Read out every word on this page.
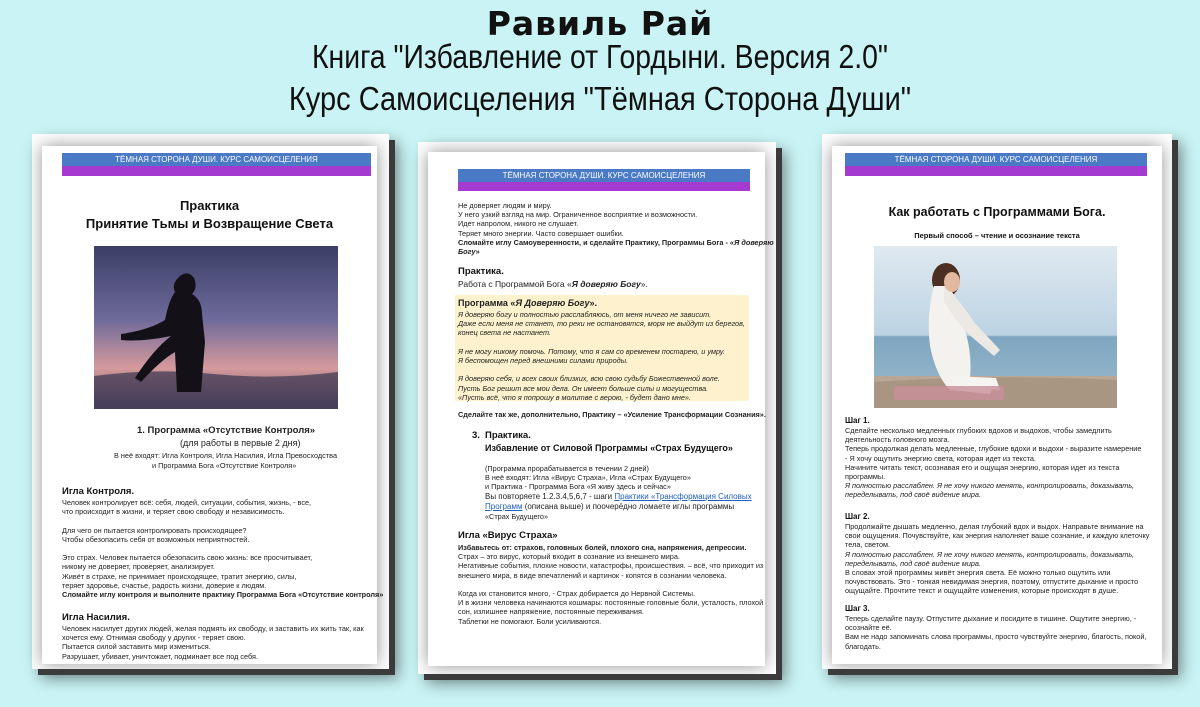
Равиль Рай
Книга "Избавление от Гордыни. Версия 2.0"
Курс Самоисцеления "Тёмная Сторона Души"
ТЁМНАЯ СТОРОНА ДУШИ. КУРС САМОИСЦЕЛЕНИЯ
Практика
Принятие Тьмы и Возвращение Света
1. Программа «Отсутствие Контроля»
(для работы в первые 2 дня)
В неё входят: Игла Контроля, Игла Насилия, Игла Превосходства
и Программа Бога «Отсутствие Контроля»
Игла Контроля.
Человек контролирует всё: себя, людей, ситуации, события, жизнь, - все,
что происходит в жизни, и теряет свою свободу и независимость.
Для чего он пытается контролировать происходящее?
Чтобы обезопасить себя от возможных неприятностей.
Это страх. Человек пытается обезопасить свою жизнь: все просчитывает,
никому не доверяет, проверяет, анализирует.
Живёт в страхе, не принимает происходящее, тратит энергию, силы,
теряет здоровье, счастье, радость жизни, доверие к людям.
Сломайте иглу контроля и выполните практику Программа Бога «Отсутствие контроля»
Игла Насилия.
Человек насилует других людей, желая подмять их свободу, и заставить их жить так, как
хочется ему. Отнимая свободу у других - теряет свою.
Пытается силой заставить мир измениться.
Разрушает, убивает, уничтожает, подминает все под себя.
ТЁМНАЯ СТОРОНА ДУШИ. КУРС САМОИСЦЕЛЕНИЯ
Не доверяет людям и миру.
У него узкий взгляд на мир. Ограниченное восприятие и возможности.
Идет напролом, никого не слушает.
Теряет много энергии. Часто совершает ошибки.
Сломайте иглу Самоуверенности, и сделайте Практику, Программы Бога - «Я доверяю
Богу»
Практика.
Работа с Программой Бога «Я доверяю Богу».
Программа «Я Доверяю Богу».
Я доверяю богу и полностью расслабляюсь, от меня ничего не зависит.
Даже если меня не станет, то реки не остановятся, моря не выйдут из берегов,
конец света не настанет.
Я не могу никому помочь. Потому, что я сам со временем постарею, и умру.
Я беспомощен перед внешними силами природы.
Я доверяю себя, и всех своих близких, всю свою судьбу Божественной воле.
Пусть Бог решит все мои дела. Он имеет больше силы и могущества.
«Пусть всё, что я попрошу в молитве с верою, - будет дано мне».
Сделайте так же, дополнительно, Практику – «Усиление Трансформации Сознания».
3. Практика.
Избавление от Силовой Программы «Страх Будущего»
(Программа прорабатывается в течении 2 дней)
В неё входят: Игла «Вирус Страха», Игла «Страх Будущего»
и Практика - Программа Бога «Я живу здесь и сейчас»
Вы повторяете 1.2.3.4,5,6,7 - шаги Практики «Трансформация Силовых
Программ (описана выше) и поочерёдно ломаете иглы программы
«Страх Будущего»
Игла «Вирус Страха»
Избавьтесь от: страхов, головных болей, плохого сна, напряжения, депрессии.
Страх – это вирус, который входит в сознание из внешнего мира.
Негативные события, плохие новости, катастрофы, происшествия. – всё, что приходит из
внешнего мира, в виде впечатлений и картинок - копятся в сознании человека.
Когда их становится много, - Страх добирается до Нервной Системы.
И в жизни человека начинаются кошмары: постоянные головные боли, усталость, плохой
сон, излишнее напряжение, постоянные переживания.
Таблетки не помогают. Боли усиливаются.
ТЁМНАЯ СТОРОНА ДУШИ. КУРС САМОИСЦЕЛЕНИЯ
Как работать с Программами Бога.
Первый способ – чтение и осознание текста
Шаг 1.
Сделайте несколько медленных глубоких вдохов и выдохов, чтобы замедлить
деятельность головного мозга.
Теперь продолжая делать медленные, глубокие вдохи и выдохи - выразите намерение
- Я хочу ощутить энергию света, которая идет из текста.
Начините читать текст, осознавая его и ощущая энергию, которая идет из текста
программы.
Я полностью расслаблен. Я не хочу никого менять, контролировать, доказывать,
переделывать, под своё видение мира.
Шаг 2.
Продолжайте дышать медленно, делая глубокий вдох и выдох. Направьте внимание на
свои ощущения. Почувствуйте, как энергия наполняет ваше сознание, и каждую клеточку
тела, светом.
Я полностью расслаблен. Я не хочу никого менять, контролировать, доказывать,
переделывать, под своё видение мира.
В словах этой программы живёт энергия света. Её можно только ощутить или
почувствовать. Это - тонкая невидимая энергия, поэтому, отпустите дыхание и просто
ощущайте. Прочтите текст и ощущайте изменения, которые происходят в душе.
Шаг 3.
Теперь сделайте паузу. Отпустите дыхание и посидите в тишине. Ощутите энергию, -
осознайте её.
Вам не надо запоминать слова программы, просто чувствуйте энергию, благость, покой,
благодать.
